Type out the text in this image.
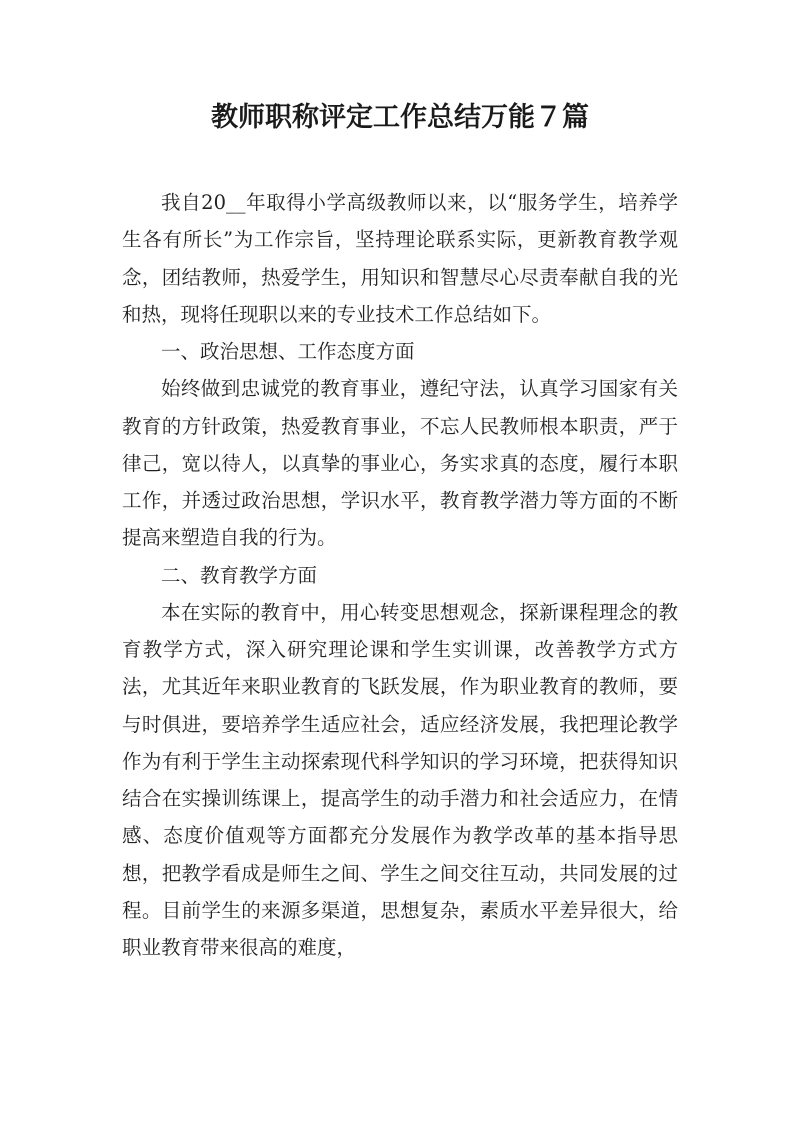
教师职称评定工作总结万能７篇

我自20__年取得小学高级教师以来，以“服务学生，培养学生各有所长”为工作宗旨，坚持理论联系实际，更新教育教学观念，团结教师，热爱学生，用知识和智慧尽心尽责奉献自我的光和热，现将任现职以来的专业技术工作总结如下。

一、政治思想、工作态度方面

始终做到忠诚党的教育事业，遵纪守法，认真学习国家有关教育的方针政策，热爱教育事业，不忘人民教师根本职责，严于律己，宽以待人，以真挚的事业心，务实求真的态度，履行本职工作，并透过政治思想，学识水平，教育教学潜力等方面的不断提高来塑造自我的行为。

二、教育教学方面

本在实际的教育中，用心转变思想观念，探新课程理念的教育教学方式，深入研究理论课和学生实训课，改善教学方式方法，尤其近年来职业教育的飞跃发展，作为职业教育的教师，要与时俱进，要培养学生适应社会，适应经济发展，我把理论教学作为有利于学生主动探索现代科学知识的学习环境，把获得知识结合在实操训练课上，提高学生的动手潜力和社会适应力，在情感、态度价值观等方面都充分发展作为教学改革的基本指导思想，把教学看成是师生之间、学生之间交往互动，共同发展的过程。目前学生的来源多渠道，思想复杂，素质水平差异很大，给职业教育带来很高的难度，
